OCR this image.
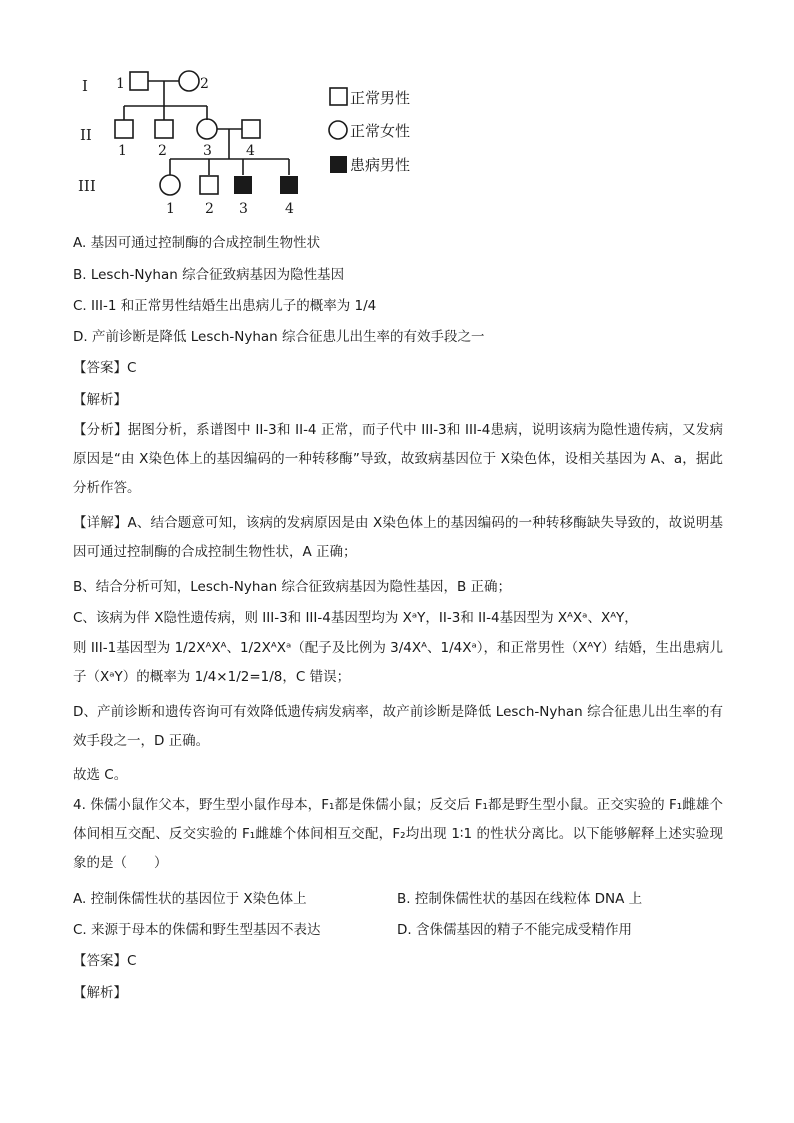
I
II
III
1	2
1 2	3 4
1 2 3	4
正常男性
正常女性
患病男性
A. 基因可通过控制酶的合成控制生物性状
B. Lesch-Nyhan 综合征致病基因为隐性基因
C. III-1 和正常男性结婚生出患病儿子的概率为 1/4
D. 产前诊断是降低 Lesch-Nyhan 综合征患儿出生率的有效手段之一
【答案】C
【解析】
【分析】据图分析，系谱图中 II-3和 II-4 正常，而子代中 III-3和 III-4患病，说明该病为隐性遗传病，又发病原因是“由 X染色体上的基因编码的一种转移酶”导致，故致病基因位于 X染色体，设相关基因为 A、a，据此分析作答。
【详解】A、结合题意可知，该病的发病原因是由 X染色体上的基因编码的一种转移酶缺失导致的，故说明基因可通过控制酶的合成控制生物性状，A 正确；
B、结合分析可知，Lesch-Nyhan 综合征致病基因为隐性基因，B 正确；
C、该病为伴 X隐性遗传病，则 III-3和 III-4基因型均为 XᵃY，II-3和 II-4基因型为 XᴬXᵃ、XᴬY，
则 III-1基因型为 1/2XᴬXᴬ、1/2XᴬXᵃ（配子及比例为 3/4Xᴬ、1/4Xᵃ），和正常男性（XᴬY）结婚，生出患病儿子（XᵃY）的概率为 1/4×1/2=1/8，C 错误；
D、产前诊断和遗传咨询可有效降低遗传病发病率，故产前诊断是降低 Lesch-Nyhan 综合征患儿出生率的有效手段之一，D 正确。
故选 C。
4. 侏儒小鼠作父本，野生型小鼠作母本，F₁都是侏儒小鼠；反交后 F₁都是野生型小鼠。正交实验的 F₁雌雄个体间相互交配、反交实验的 F₁雌雄个体间相互交配，F₂均出现 1∶1 的性状分离比。以下能够解释上述实验现象的是（　　）
A. 控制侏儒性状的基因位于 X染色体上	B. 控制侏儒性状的基因在线粒体 DNA 上
C. 来源于母本的侏儒和野生型基因不表达	D. 含侏儒基因的精子不能完成受精作用
【答案】C
【解析】
